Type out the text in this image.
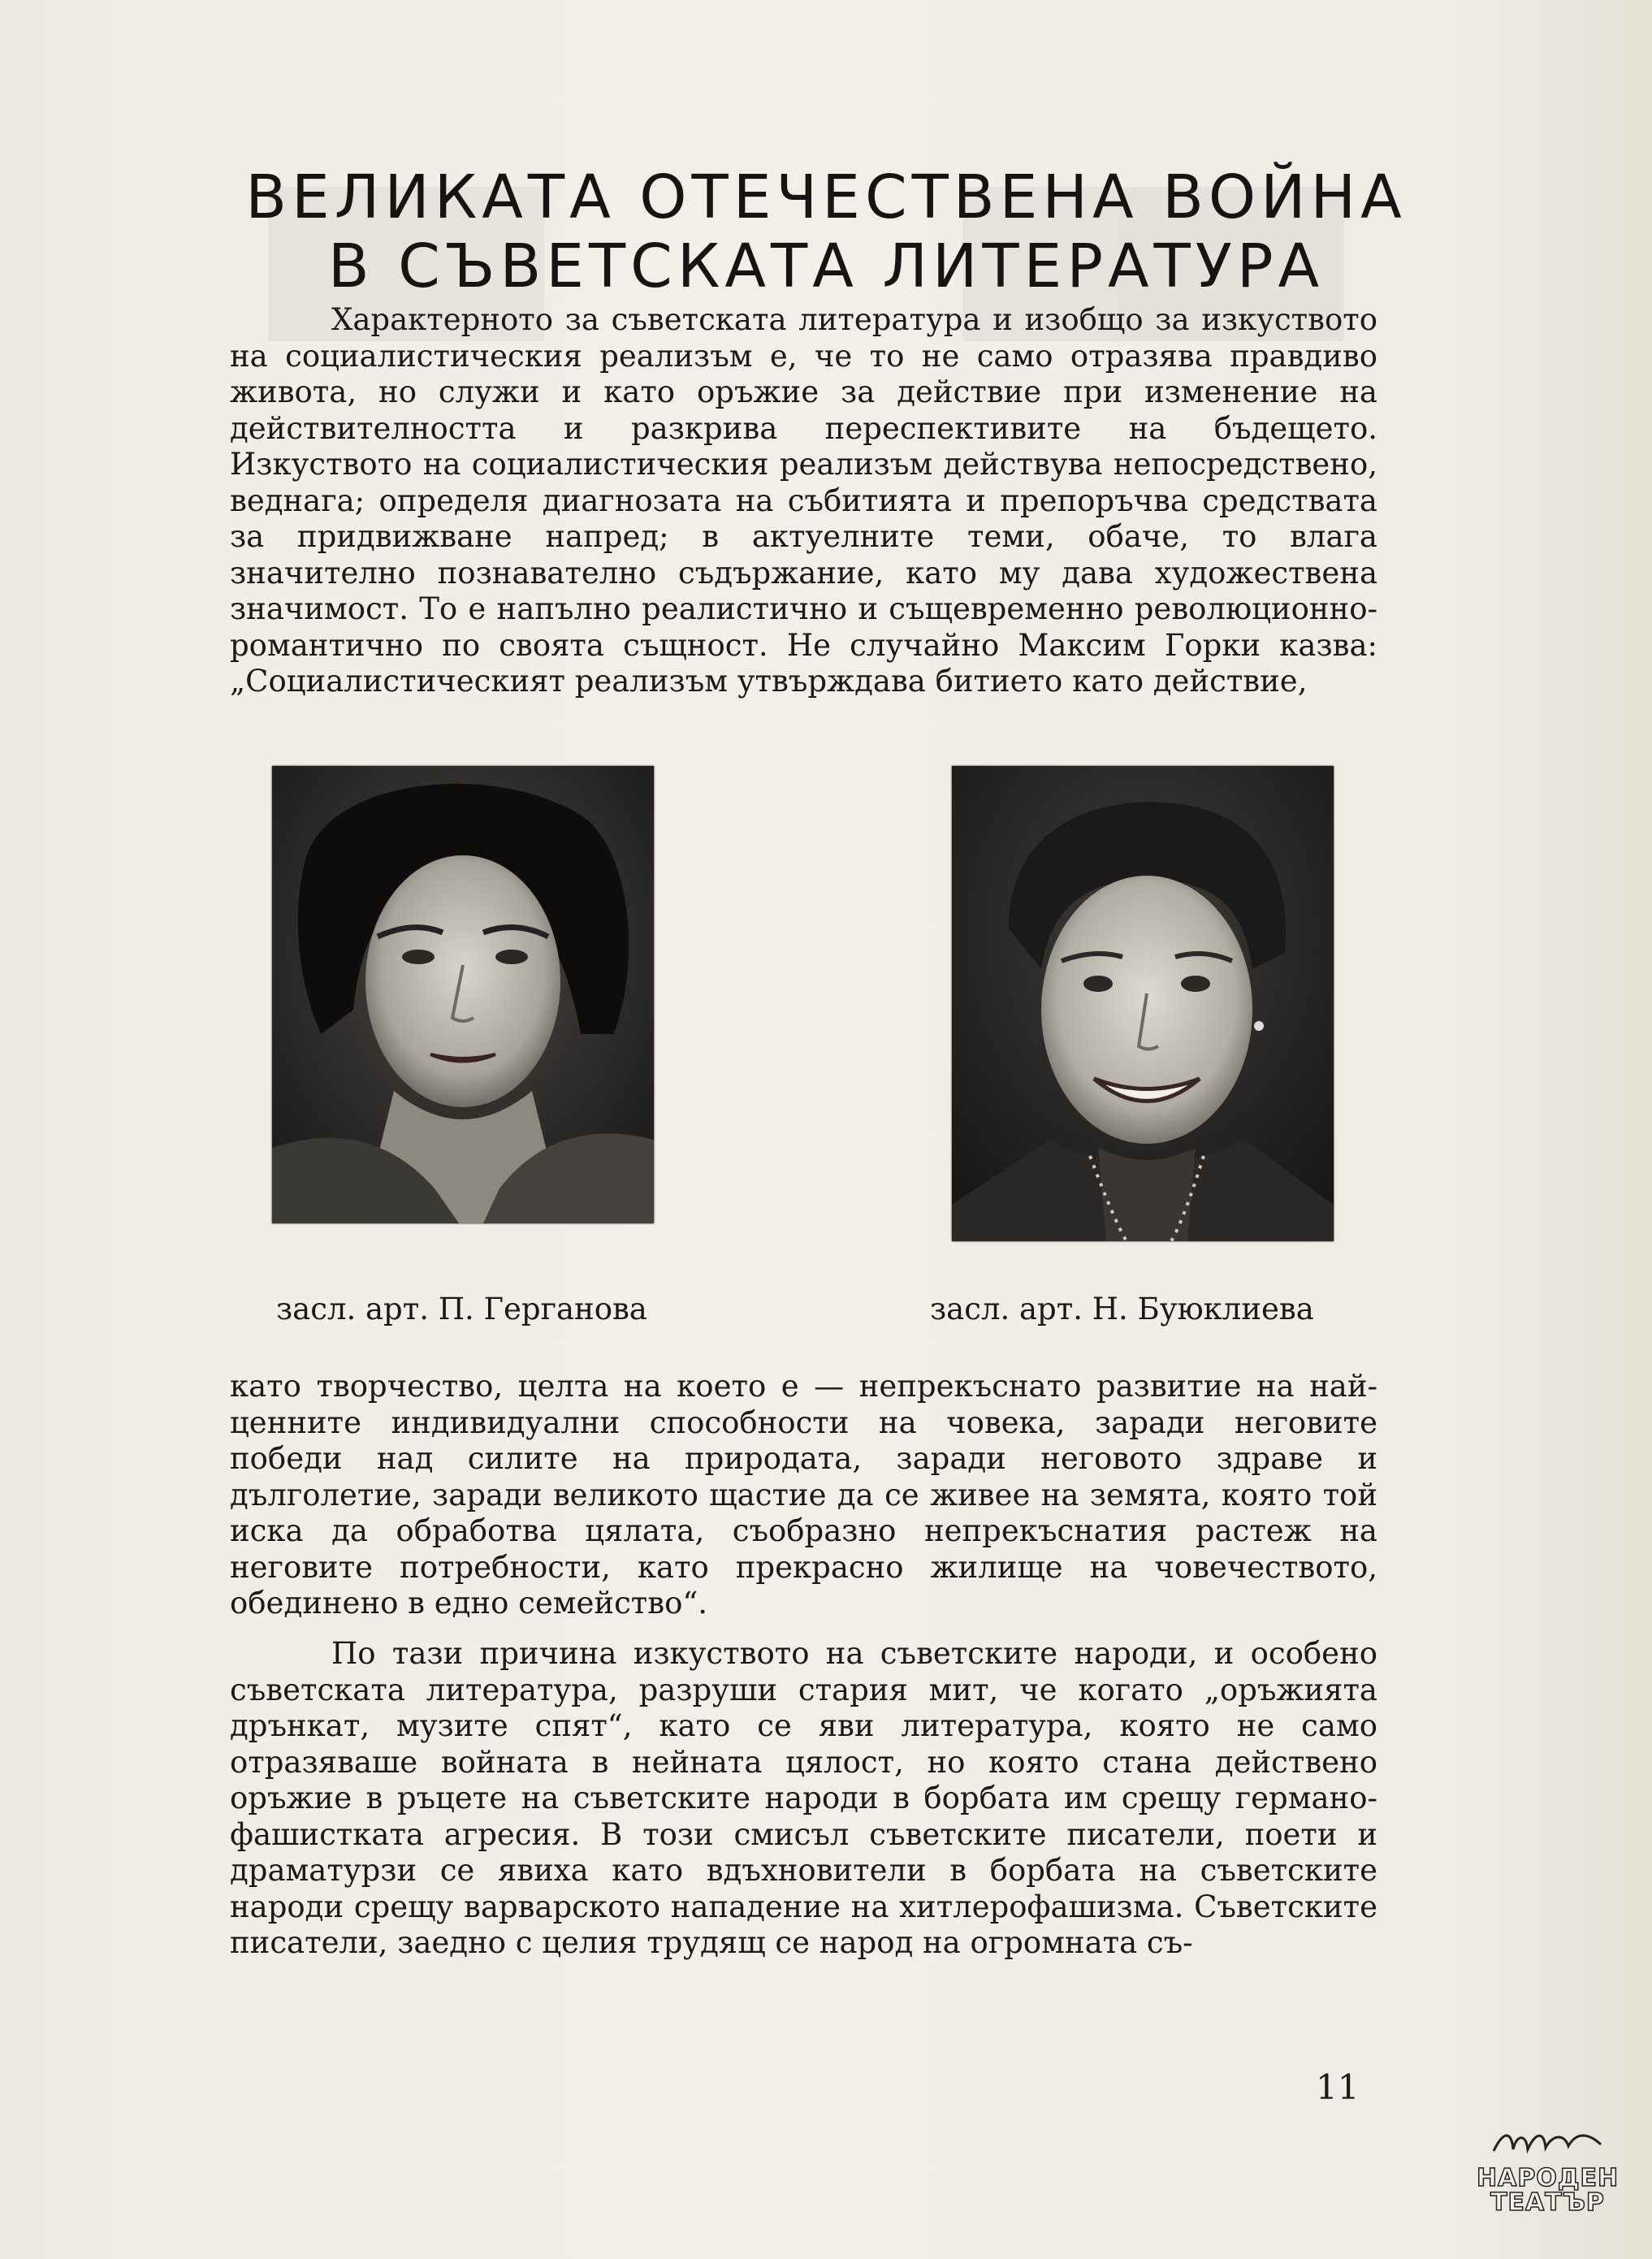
ВЕЛИКАТА ОТЕЧЕСТВЕНА ВОЙНА
В СЪВЕТСКАТА ЛИТЕРАТУРА

Характерното за съветската литература и изобщо за изкуството на социалистическия реализъм е, че то не само отразява правдиво живота, но служи и като оръжие за действие при изменение на действителността и разкрива переспективите на бъдещето. Изкуството на социалистическия реализъм действува непосредствено, веднага; определя диагнозата на събитията и препоръчва средствата за придвижване напред; в актуелните теми, обаче, то влага значително познавателно съдържание, като му дава художествена значимост. То е напълно реалистично и същевременно революционно-романтично по своята същност. Не случайно Максим Горки казва: „Социалистическият реализъм утвърждава битието като действие,

засл. арт. П. Герганова	засл. арт. Н. Буюклиева

като творчество, целта на което е — непрекъснато развитие на най-ценните индивидуални способности на човека, заради неговите победи над силите на природата, заради неговото здраве и дълголетие, заради великото щастие да се живее на земята, която той иска да обработва цялата, съобразно непрекъснатия растеж на неговите потребности, като прекрасно жилище на човечеството, обединено в едно семейство“.

По тази причина изкуството на съветските народи, и особено съветската литература, разруши стария мит, че когато „оръжията дрънкат, музите спят“, като се яви литература, която не само отразяваше войната в нейната цялост, но която стана действено оръжие в ръцете на съветските народи в борбата им срещу германо-фашистката агресия. В този смисъл съветските писатели, поети и драматурзи се явиха като вдъхновители в борбата на съветските народи срещу варварското нападение на хитлерофашизма. Съветските писатели, заедно с целия трудящ се народ на огромната съ-

11
НАРОДЕН
ТЕАТЪР
